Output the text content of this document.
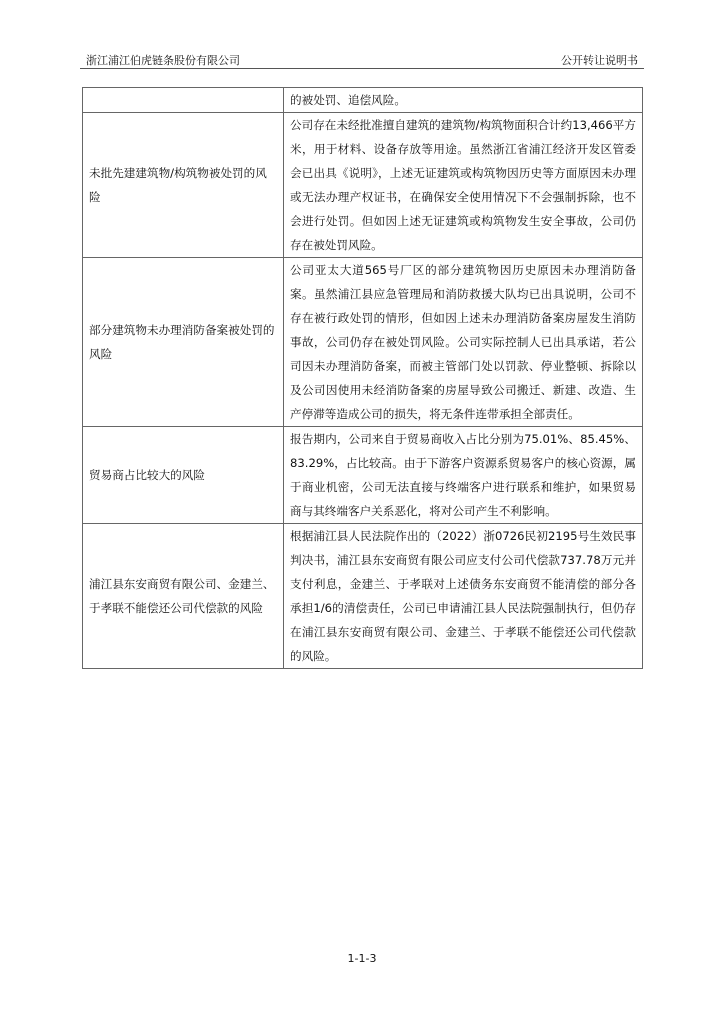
浙江浦江伯虎链条股份有限公司	公开转让说明书
	的被处罚、追偿风险。
未批先建建筑物/构筑物被处罚的风险	公司存在未经批准擅自建筑的建筑物/构筑物面积合计约13,466平方米，用于材料、设备存放等用途。虽然浙江省浦江经济开发区管委会已出具《说明》，上述无证建筑或构筑物因历史等方面原因未办理或无法办理产权证书，在确保安全使用情况下不会强制拆除，也不会进行处罚。但如因上述无证建筑或构筑物发生安全事故，公司仍存在被处罚风险。
部分建筑物未办理消防备案被处罚的风险	公司亚太大道565号厂区的部分建筑物因历史原因未办理消防备案。虽然浦江县应急管理局和消防救援大队均已出具说明，公司不存在被行政处罚的情形，但如因上述未办理消防备案房屋发生消防事故，公司仍存在被处罚风险。公司实际控制人已出具承诺，若公司因未办理消防备案，而被主管部门处以罚款、停业整顿、拆除以及公司因使用未经消防备案的房屋导致公司搬迁、新建、改造、生产停滞等造成公司的损失，将无条件连带承担全部责任。
贸易商占比较大的风险	报告期内，公司来自于贸易商收入占比分别为75.01%、85.45%、83.29%，占比较高。由于下游客户资源系贸易客户的核心资源，属于商业机密，公司无法直接与终端客户进行联系和维护，如果贸易商与其终端客户关系恶化，将对公司产生不利影响。
浦江县东安商贸有限公司、金建兰、于孝联不能偿还公司代偿款的风险	根据浦江县人民法院作出的（2022）浙0726民初2195号生效民事判决书，浦江县东安商贸有限公司应支付公司代偿款737.78万元并支付利息，金建兰、于孝联对上述债务东安商贸不能清偿的部分各承担1/6的清偿责任，公司已申请浦江县人民法院强制执行，但仍存在浦江县东安商贸有限公司、金建兰、于孝联不能偿还公司代偿款的风险。
1-1-3
